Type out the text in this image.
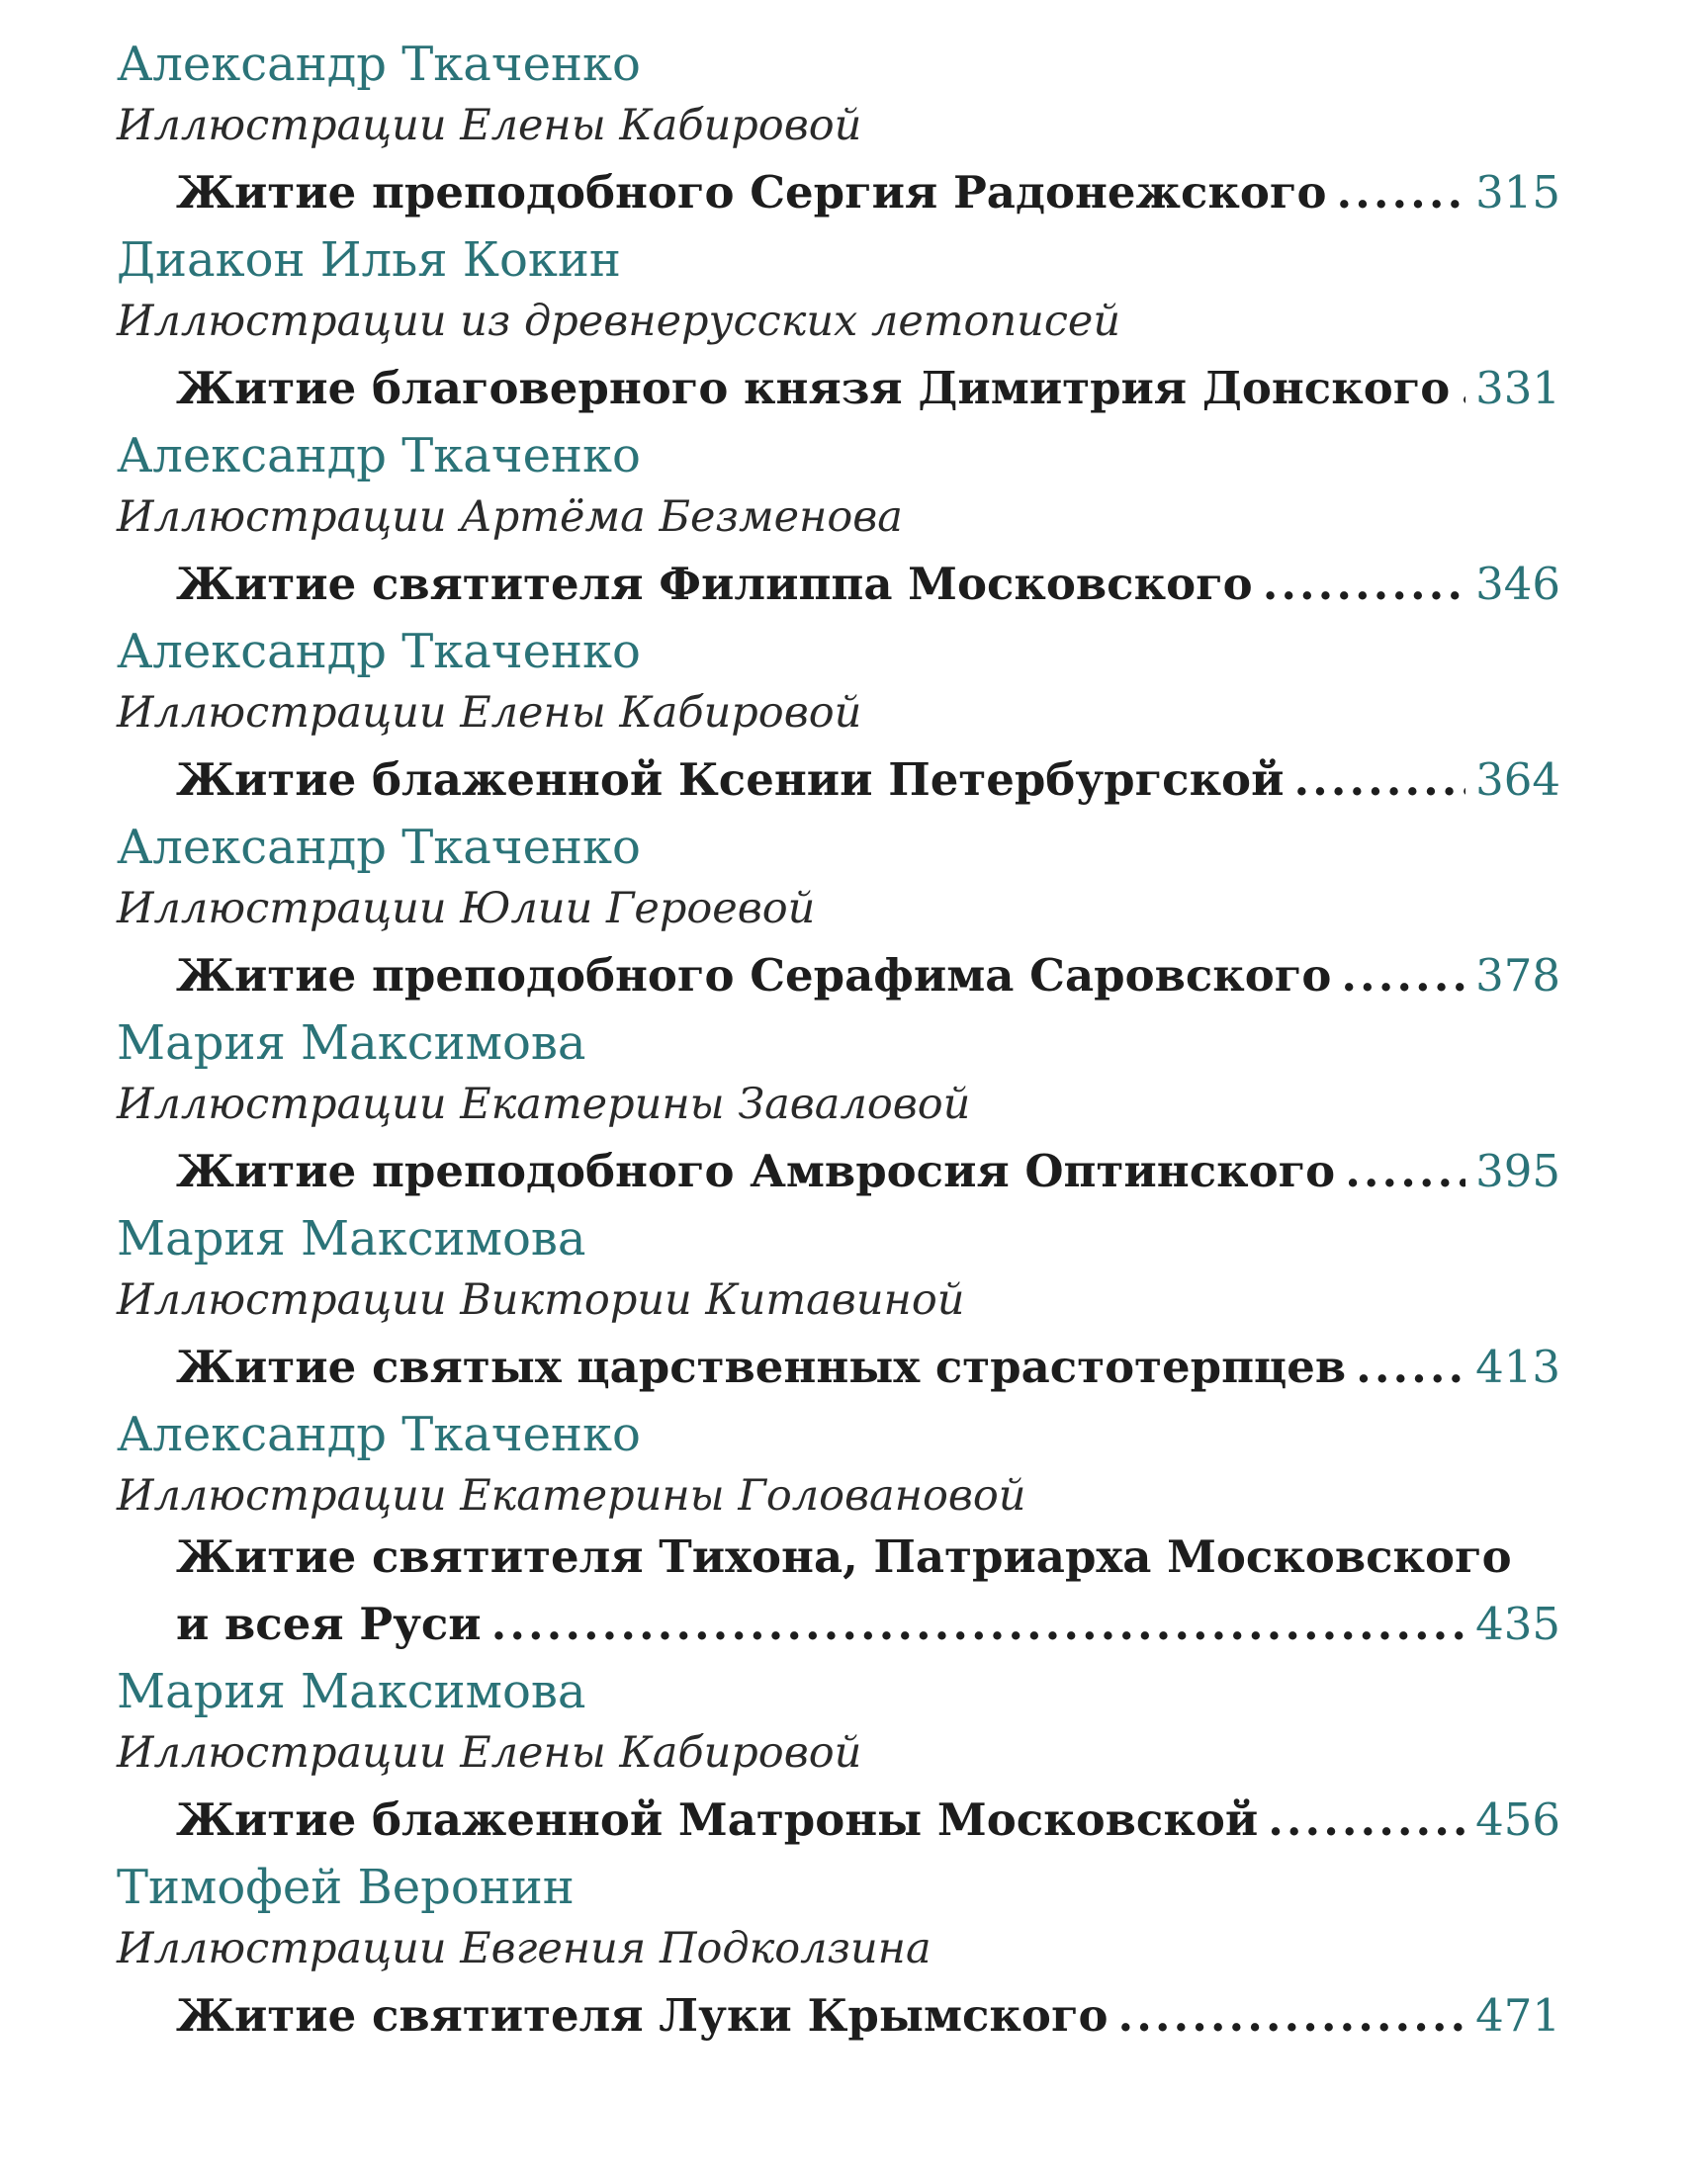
Александр Ткаченко
Иллюстрации Елены Кабировой
Житие преподобного Сергия Радонежского .....	315
Диакон Илья Кокин
Иллюстрации из древнерусских летописей
Житие благоверного князя Димитрия Донского ..... 331
Александр Ткаченко
Иллюстрации Артёма Безменова
Житие святителя Филиппа Московского .....	346
Александр Ткаченко
Иллюстрации Елены Кабировой
Житие блаженной Ксении Петербургской .....	364
Александр Ткаченко
Иллюстрации Юлии Героевой
Житие преподобного Серафима Саровского .....	378
Мария Максимова
Иллюстрации Екатерины Заваловой
Житие преподобного Амвросия Оптинского .....	395
Мария Максимова
Иллюстрации Виктории Китавиной
Житие святых царственных страстотерпцев .....	413
Александр Ткаченко
Иллюстрации Екатерины Головановой
Житие святителя Тихона, Патриарха Московского
и всея Руси .....	435
Мария Максимова
Иллюстрации Елены Кабировой
Житие блаженной Матроны Московской .....	456
Тимофей Веронин
Иллюстрации Евгения Подколзина
Житие святителя Луки Крымского .....	471
